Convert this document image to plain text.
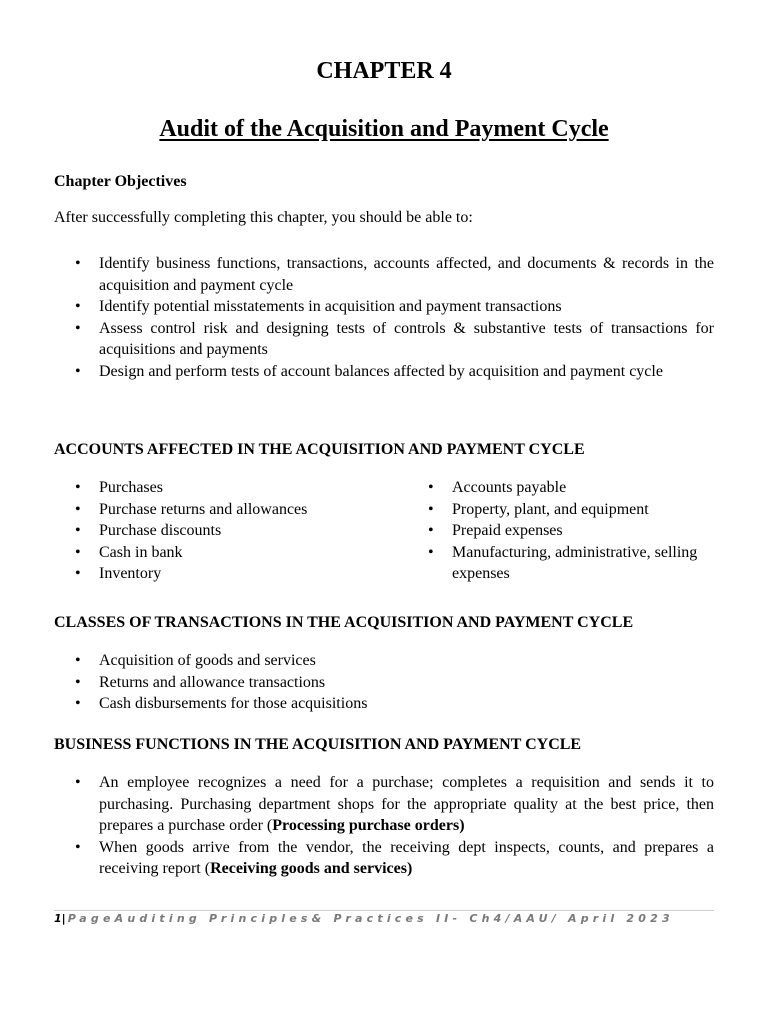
CHAPTER 4
Audit of the Acquisition and Payment Cycle
Chapter Objectives
After successfully completing this chapter, you should be able to:
• Identify business functions, transactions, accounts affected, and documents & records in the acquisition and payment cycle
• Identify potential misstatements in acquisition and payment transactions
• Assess control risk and designing tests of controls & substantive tests of transactions for acquisitions and payments
• Design and perform tests of account balances affected by acquisition and payment cycle
ACCOUNTS AFFECTED IN THE ACQUISITION AND PAYMENT CYCLE
• Purchases
• Purchase returns and allowances
• Purchase discounts
• Cash in bank
• Inventory
• Accounts payable
• Property, plant, and equipment
• Prepaid expenses
• Manufacturing, administrative, selling expenses
CLASSES OF TRANSACTIONS IN THE ACQUISITION AND PAYMENT CYCLE
• Acquisition of goods and services
• Returns and allowance transactions
• Cash disbursements for those acquisitions
BUSINESS FUNCTIONS IN THE ACQUISITION AND PAYMENT CYCLE
• An employee recognizes a need for a purchase; completes a requisition and sends it to purchasing. Purchasing department shops for the appropriate quality at the best price, then prepares a purchase order (Processing purchase orders)
• When goods arrive from the vendor, the receiving dept inspects, counts, and prepares a receiving report (Receiving goods and services)
1| PageAuditing Principles& Practices II- Ch4/AAU/ April 2023
